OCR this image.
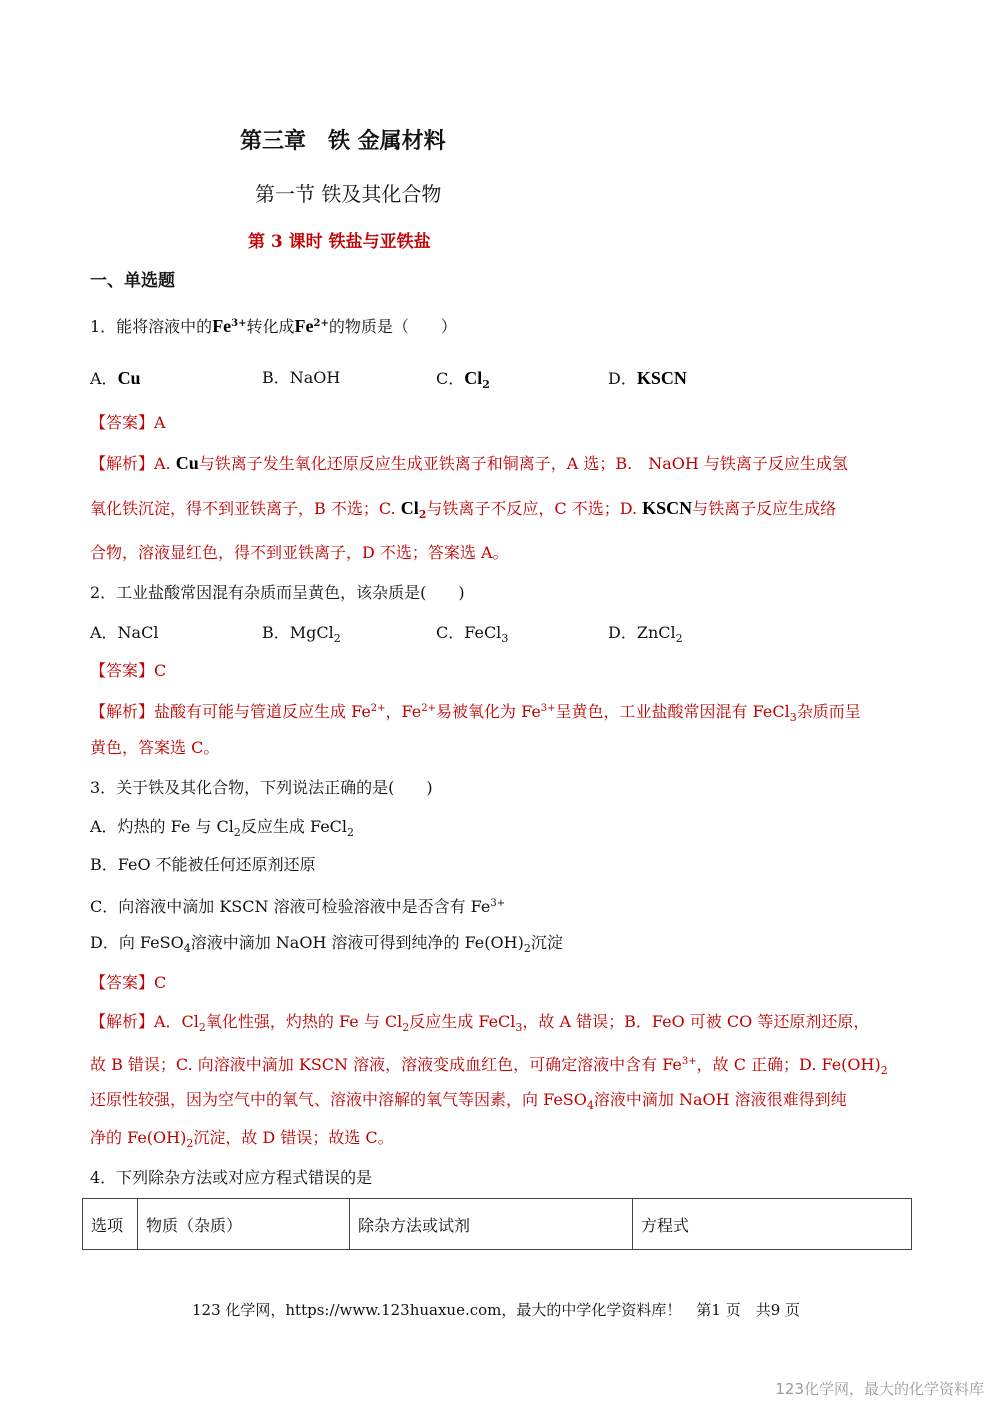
第三章　铁 金属材料
第一节 铁及其化合物
第 3 课时 铁盐与亚铁盐
一、单选题
1．能将溶液中的$Fe^{3+}$转化成$Fe^{2+}$的物质是（　　）
A．Cu	B．NaOH	C．$Cl_2$	D．KSCN
【答案】A
【解析】A. Cu与铁离子发生氧化还原反应生成亚铁离子和铜离子，A 选；B.　NaOH 与铁离子反应生成氢
氧化铁沉淀，得不到亚铁离子，B 不选；C. $Cl_2$与铁离子不反应，C 不选；D. KSCN与铁离子反应生成络
合物，溶液显红色，得不到亚铁离子，D 不选；答案选 A。
2．工业盐酸常因混有杂质而呈黄色，该杂质是(　　)
A．NaCl	B．MgCl$_2$	C．FeCl$_3$	D．ZnCl$_2$
【答案】C
【解析】盐酸有可能与管道反应生成 $Fe^{2+}$，$Fe^{2+}$易被氧化为 $Fe^{3+}$呈黄色，工业盐酸常因混有 FeCl$_3$杂质而呈
黄色，答案选 C。
3．关于铁及其化合物，下列说法正确的是(　　)
A．灼热的 Fe 与 $Cl_2$反应生成 FeCl$_2$
B．FeO 不能被任何还原剂还原
C．向溶液中滴加 KSCN 溶液可检验溶液中是否含有 $Fe^{3+}$
D．向 FeSO$_4$溶液中滴加 NaOH 溶液可得到纯净的 $Fe(OH)_2$沉淀
【答案】C
【解析】A．$Cl_2$氧化性强，灼热的 Fe 与 $Cl_2$反应生成 FeCl$_3$，故 A 错误；B．FeO 可被 CO 等还原剂还原，
故 B 错误；C. 向溶液中滴加 KSCN 溶液，溶液变成血红色，可确定溶液中含有 $Fe^{3+}$，故 C 正确；D. $Fe(OH)_2$
还原性较强，因为空气中的氧气、溶液中溶解的氧气等因素，向 FeSO$_4$溶液中滴加 NaOH 溶液很难得到纯
净的 $Fe(OH)_2$沉淀，故 D 错误；故选 C。
4．下列除杂方法或对应方程式错误的是
选项	物质（杂质）	除杂方法或试剂	方程式
123 化学网，https://www.123huaxue.com，最大的中学化学资料库！　第1 页　共9 页
123化学网，最大的化学资料库
